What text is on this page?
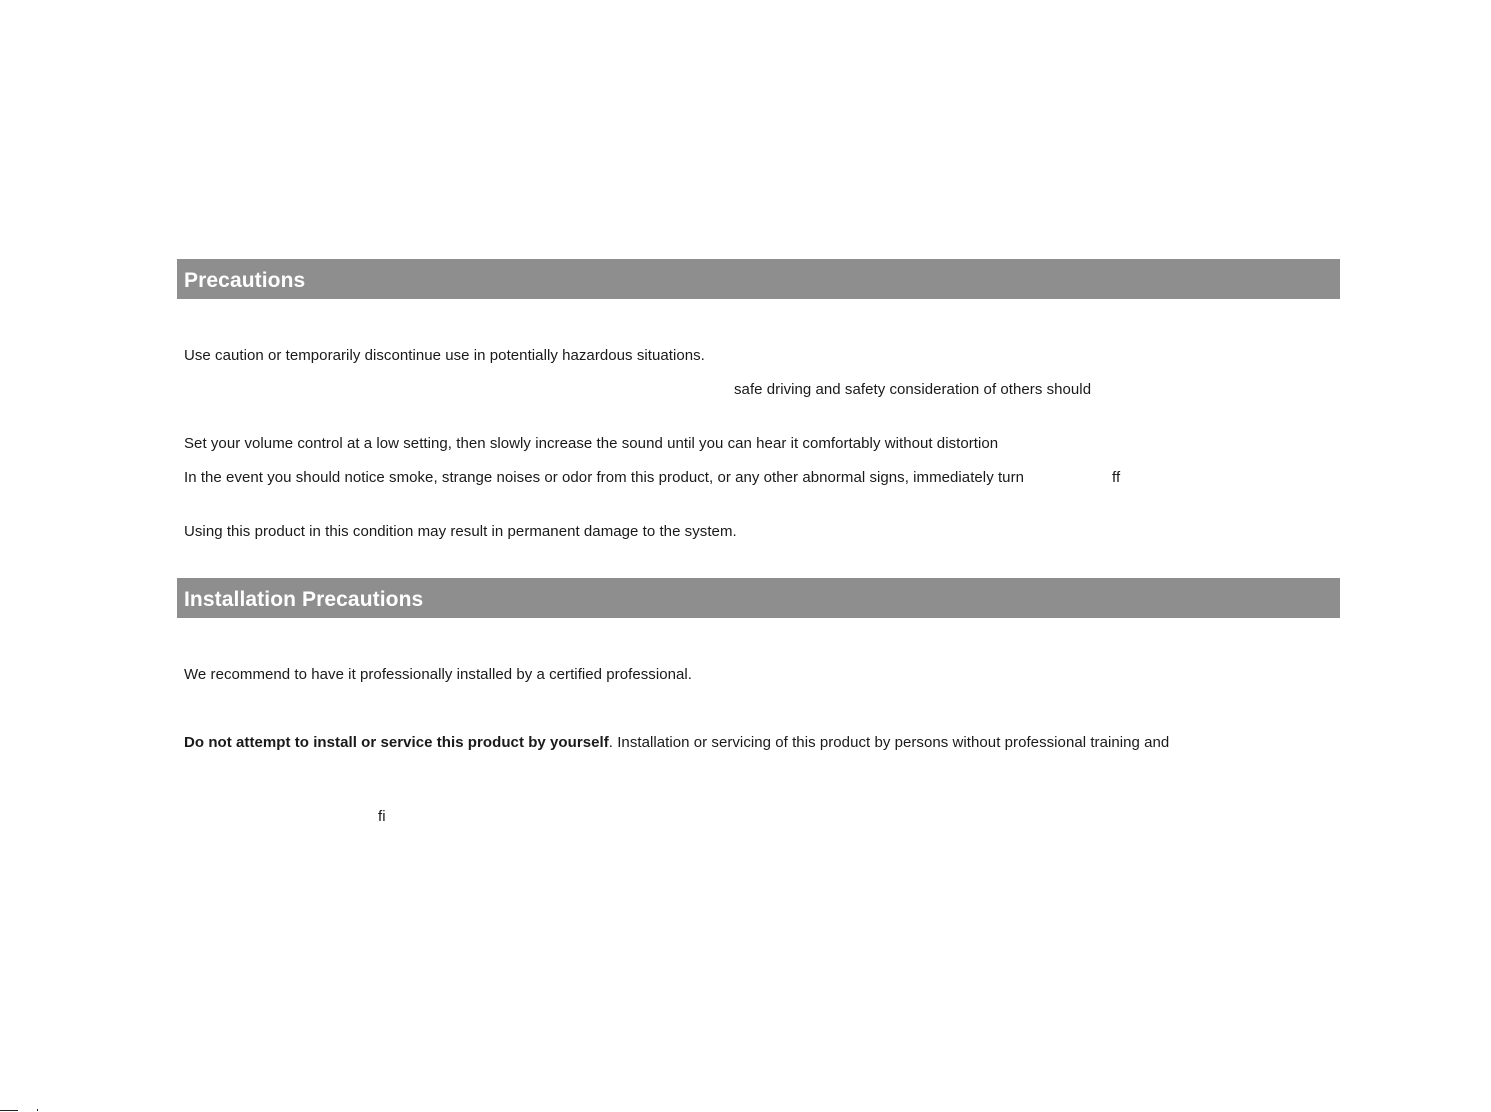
Precautions
Use caution or temporarily discontinue use in potentially hazardous situations.
safe driving and safety consideration of others should
Set your volume control at a low setting, then slowly increase the sound until you can hear it comfortably without distortion
In the event you should notice smoke, strange noises or odor from this product, or any other abnormal signs, immediately turn	ff
Using this product in this condition may result in permanent damage to the system.
Installation Precautions
We recommend to have it professionally installed by a certified professional.
Do not attempt to install or service this product by yourself. Installation or servicing of this product by persons without professional training and
fi
